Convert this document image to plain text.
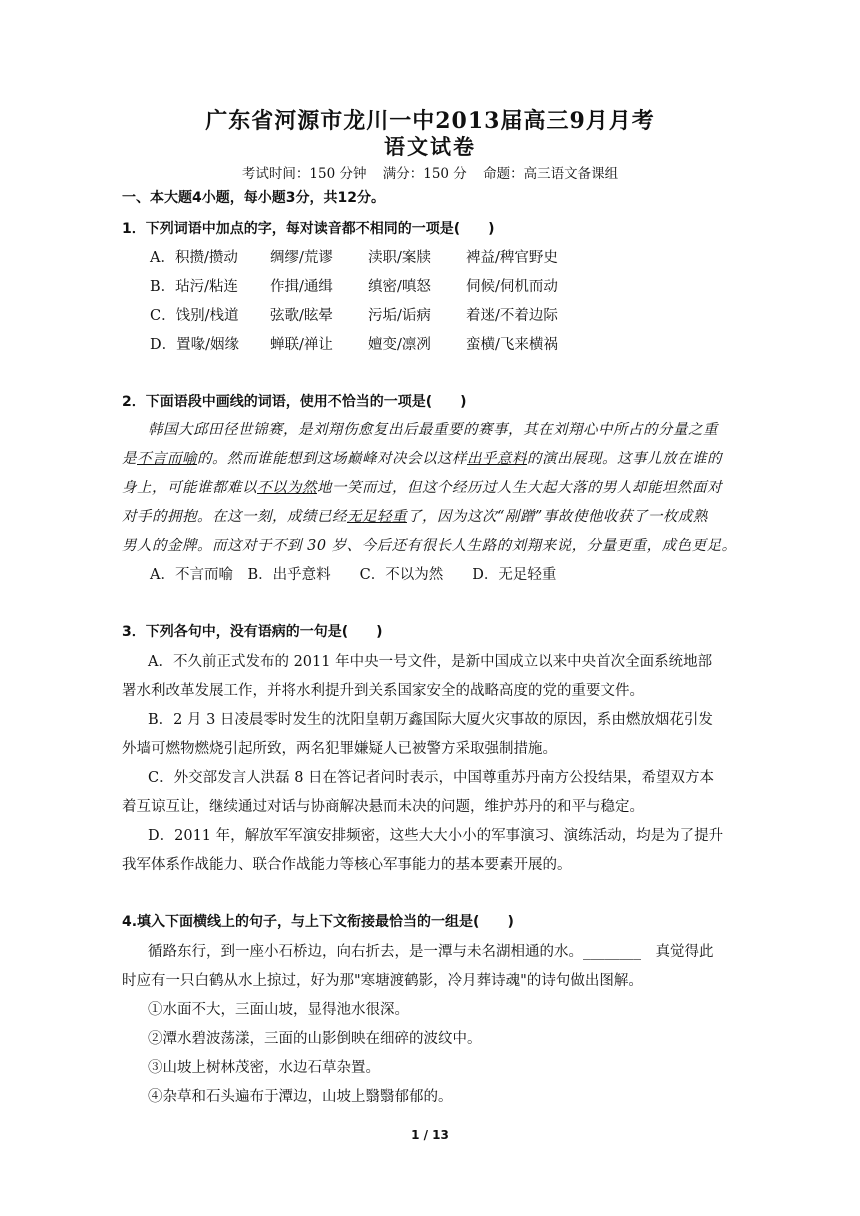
广东省河源市龙川一中2013届高三9月月考
语文试卷
考试时间：150 分钟 满分：150 分 命题：高三语文备课组
一、本大题4小题，每小题3分，共12分。
1．下列词语中加点的字，每对读音都不相同的一项是(　　)
A．积攒/攒动 绸缪/荒谬 渎职/案牍 裨益/稗官野史
B．玷污/粘连 作揖/通缉 缜密/嗔怒 伺候/伺机而动
C．饯别/栈道 弦歌/眩晕 污垢/诟病 着迷/不着边际
D．置喙/姻缘 蝉联/禅让 嬗变/凛冽 蛮横/飞来横祸
2．下面语段中画线的词语，使用不恰当的一项是(　　)
韩国大邱田径世锦赛，是刘翔伤愈复出后最重要的赛事，其在刘翔心中所占的分量之重
是不言而喻的。然而谁能想到这场巅峰对决会以这样出乎意料的演出展现。这事儿放在谁的
身上，可能谁都难以不以为然地一笑而过，但这个经历过人生大起大落的男人却能坦然面对
对手的拥抱。在这一刻，成绩已经无足轻重了，因为这次“剐蹭”事故使他收获了一枚成熟
男人的金牌。而这对于不到 30 岁、今后还有很长人生路的刘翔来说，分量更重，成色更足。
A．不言而喻　B．出乎意料　　C．不以为然　　D．无足轻重
3．下列各句中，没有语病的一句是(　　)
A．不久前正式发布的 2011 年中央一号文件，是新中国成立以来中央首次全面系统地部
署水利改革发展工作，并将水利提升到关系国家安全的战略高度的党的重要文件。
B．2 月 3 日凌晨零时发生的沈阳皇朝万鑫国际大厦火灾事故的原因，系由燃放烟花引发
外墙可燃物燃烧引起所致，两名犯罪嫌疑人已被警方采取强制措施。
C．外交部发言人洪磊 8 日在答记者问时表示，中国尊重苏丹南方公投结果，希望双方本
着互谅互让，继续通过对话与协商解决悬而未决的问题，维护苏丹的和平与稳定。
D．2011 年，解放军军演安排频密，这些大大小小的军事演习、演练活动，均是为了提升
我军体系作战能力、联合作战能力等核心军事能力的基本要素开展的。
4.填入下面横线上的句子，与上下文衔接最恰当的一组是(　　)
循路东行，到一座小石桥边，向右折去，是一潭与未名湖相通的水。________　真觉得此
时应有一只白鹤从水上掠过，好为那"寒塘渡鹤影，冷月葬诗魂"的诗句做出图解。
①水面不大，三面山坡，显得池水很深。
②潭水碧波荡漾，三面的山影倒映在细碎的波纹中。
③山坡上树林茂密，水边石草杂置。
④杂草和石头遍布于潭边，山坡上翳翳郁郁的。
1 / 13
